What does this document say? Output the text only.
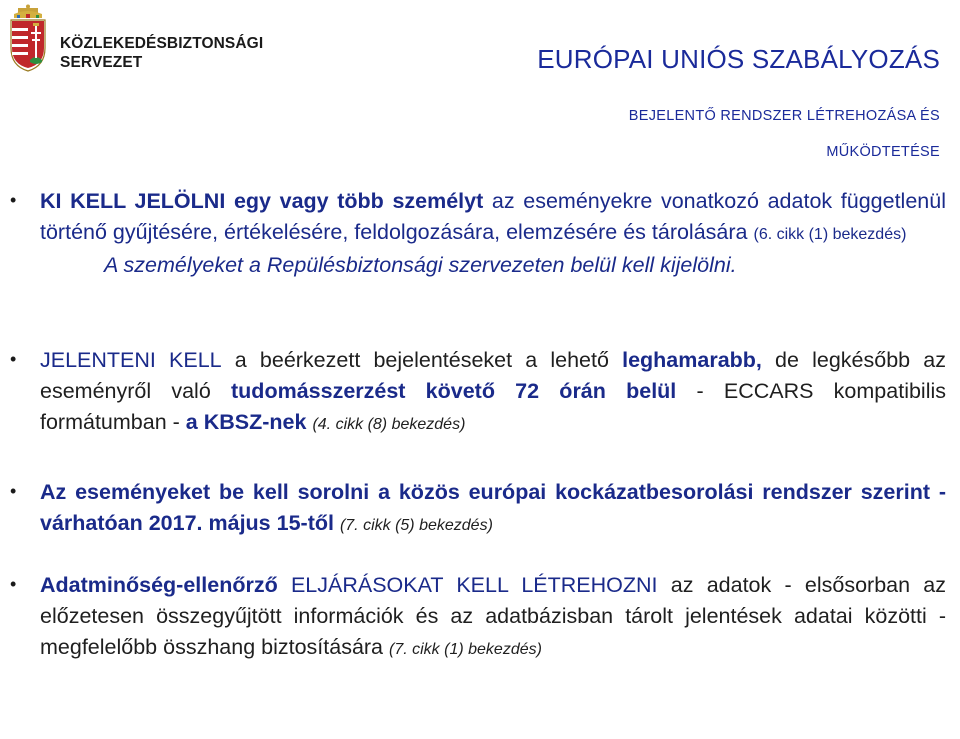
KÖZLEKEDÉSBIZTONSÁGI
SERVEZET	EURÓPAI UNIÓS SZABÁLYOZÁS
BEJELENTŐ RENDSZER LÉTREHOZÁSA ÉS
MŰKÖDTETÉSE
• KI KELL JELÖLNI egy vagy több személyt az eseményekre vonatkozó adatok függetlenül történő gyűjtésére, értékelésére, feldolgozására, elemzésére és tárolására (6. cikk (1) bekezdés)
A személyeket a Repülésbiztonsági szervezeten belül kell kijelölni.
• JELENTENI KELL a beérkezett bejelentéseket a lehető leghamarabb, de legkésőbb az eseményről való tudomásszerzést követő 72 órán belül - ECCARS kompatibilis formátumban - a KBSZ-nek (4. cikk (8) bekezdés)
• Az eseményeket be kell sorolni a közös európai kockázatbesorolási rendszer szerint - várhatóan 2017. május 15-től (7. cikk (5) bekezdés)
• Adatminőség-ellenőrző ELJÁRÁSOKAT KELL LÉTREHOZNI az adatok - elsősorban az előzetesen összegyűjtött információk és az adatbázisban tárolt jelentések adatai közötti - megfelelőbb összhang biztosítására (7. cikk (1) bekezdés)
